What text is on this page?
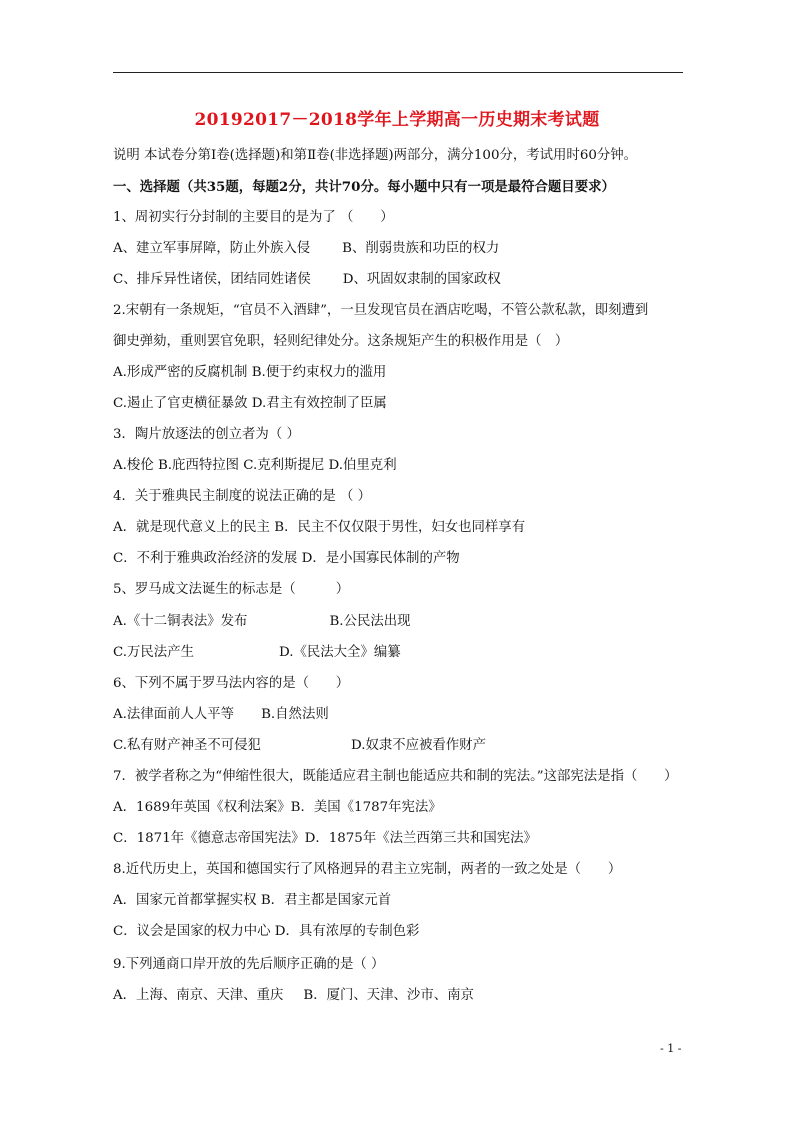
20192017－2018学年上学期高一历史期末考试题
说明 本试卷分第Ⅰ卷(选择题)和第Ⅱ卷(非选择题)两部分，满分100分，考试用时60分钟。
一、选择题（共35题，每题2分，共计70分。每小题中只有一项是最符合题目要求）
1、周初实行分封制的主要目的是为了 （　　）
A、建立军事屏障，防止外族入侵 B、削弱贵族和功臣的权力
C、排斥异性诸侯，团结同姓诸侯 D、巩固奴隶制的国家政权
2.宋朝有一条规矩，“官员不入酒肆”，一旦发现官员在酒店吃喝，不管公款私款，即刻遭到
御史弹劾，重则罢官免职，轻则纪律处分。这条规矩产生的积极作用是（　）
A.形成严密的反腐机制 B.便于约束权力的滥用
C.遏止了官吏横征暴敛 D.君主有效控制了臣属
3．陶片放逐法的创立者为（ ）
A.梭伦 B.庇西特拉图 C.克利斯提尼 D.伯里克利
4．关于雅典民主制度的说法正确的是 （ ）
A．就是现代意义上的民主 B．民主不仅仅限于男性，妇女也同样享有
C．不利于雅典政治经济的发展 D．是小国寡民体制的产物
5、罗马成文法诞生的标志是（　　　）
A.《十二铜表法》发布	B.公民法出现
C.万民法产生	D.《民法大全》编纂
6、下列不属于罗马法内容的是（　　）
A.法律面前人人平等 B.自然法则
C.私有财产神圣不可侵犯	D.奴隶不应被看作财产
7．被学者称之为“伸缩性很大，既能适应君主制也能适应共和制的宪法。”这部宪法是指（　　）
A．1689年英国《权利法案》B．美国《1787年宪法》
C．1871年《德意志帝国宪法》D．1875年《法兰西第三共和国宪法》
8.近代历史上，英国和德国实行了风格迥异的君主立宪制，两者的一致之处是（　　）
A．国家元首都掌握实权 B．君主都是国家元首
C．议会是国家的权力中心 D．具有浓厚的专制色彩
9.下列通商口岸开放的先后顺序正确的是（ ）
A．上海、南京、天津、重庆 B．厦门、天津、沙市、南京
- 1 -
